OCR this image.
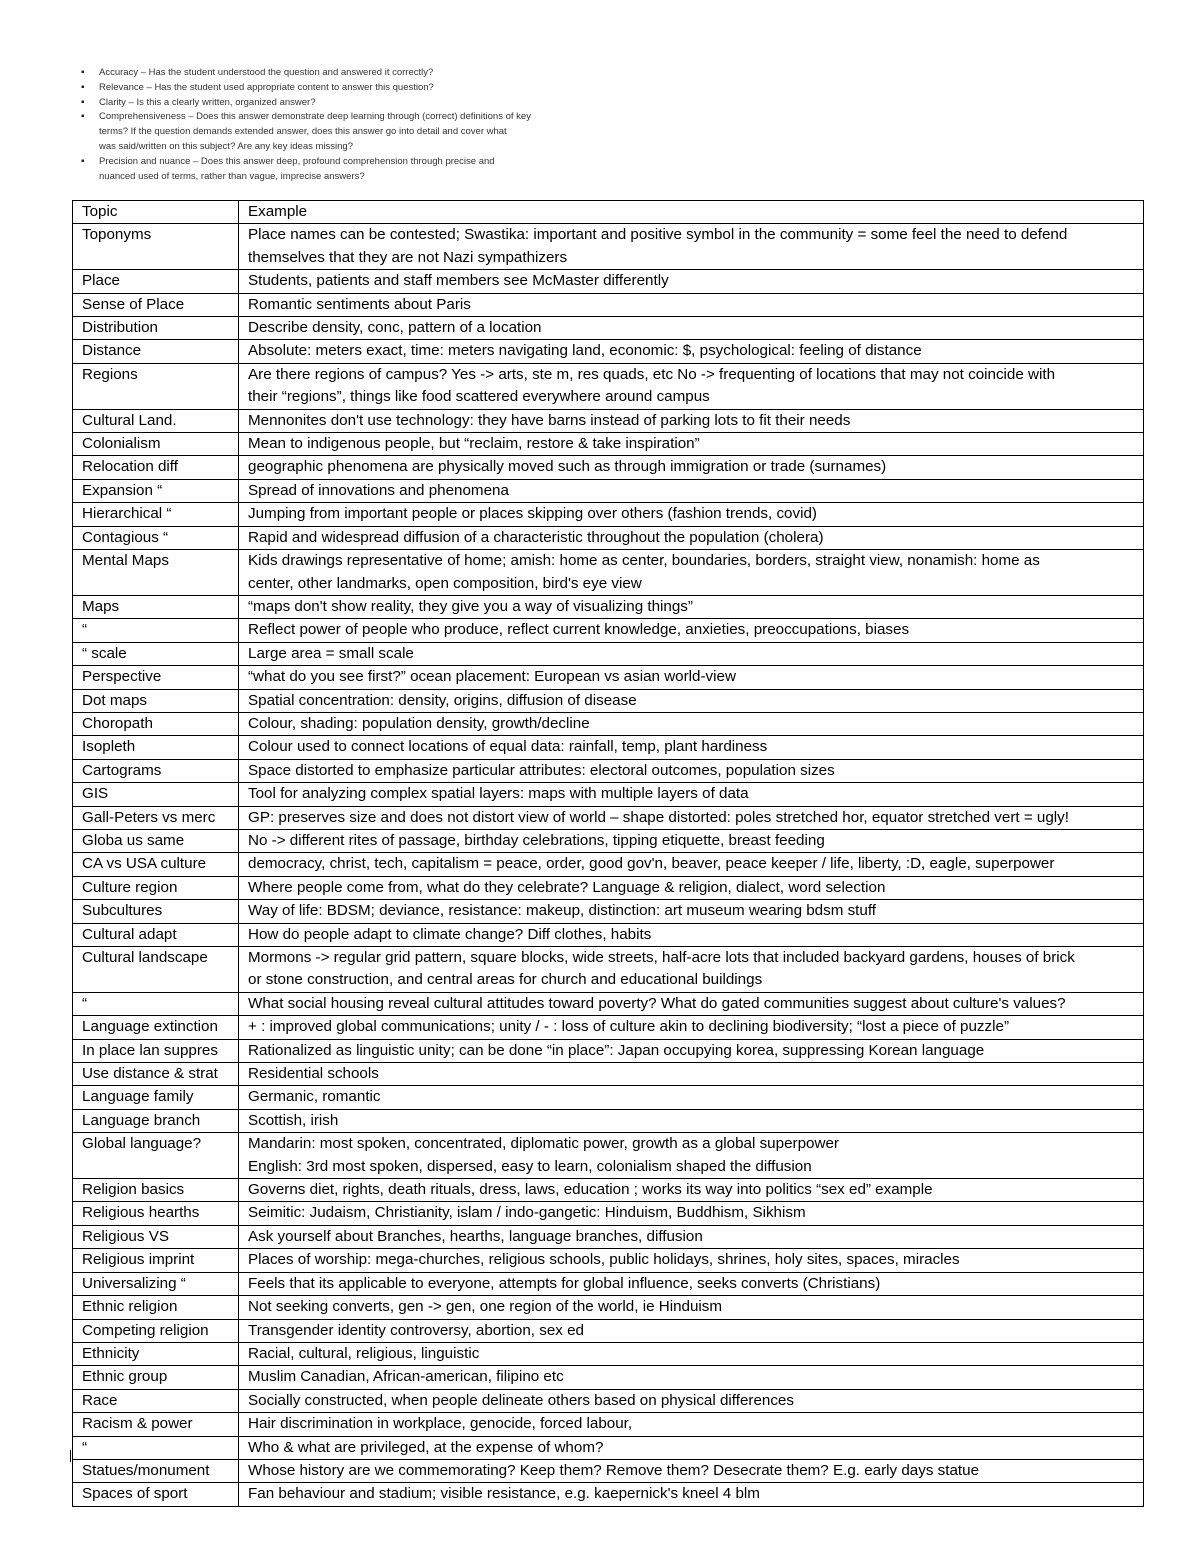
▪ Accuracy – Has the student understood the question and answered it correctly?
▪ Relevance – Has the student used appropriate content to answer this question?
▪ Clarity – Is this a clearly written, organized answer?
▪ Comprehensiveness – Does this answer demonstrate deep learning through (correct) definitions of key
terms? If the question demands extended answer, does this answer go into detail and cover what
was said/written on this subject? Are any key ideas missing?
▪ Precision and nuance – Does this answer deep, profound comprehension through precise and
nuanced used of terms, rather than vague, imprecise answers?
Topic	Example
Toponyms	Place names can be contested; Swastika: important and positive symbol in the community = some feel the need to defend
themselves that they are not Nazi sympathizers

Place	Students, patients and staff members see McMaster differently

Sense of Place	Romantic sentiments about Paris

Distribution	Describe density, conc, pattern of a location

Distance	Absolute: meters exact, time: meters navigating land, economic: $, psychological: feeling of distance

Regions	Are there regions of campus? Yes -> arts, ste m, res quads, etc No -> frequenting of locations that may not coincide with
their “regions”, things like food scattered everywhere around campus

Cultural Land.	Mennonites don't use technology: they have barns instead of parking lots to fit their needs

Colonialism	Mean to indigenous people, but “reclaim, restore & take inspiration”

Relocation diff	geographic phenomena are physically moved such as through immigration or trade (surnames)

Expansion “	Spread of innovations and phenomena

Hierarchical “	Jumping from important people or places skipping over others (fashion trends, covid)

Contagious “	Rapid and widespread diffusion of a characteristic throughout the population (cholera)

Mental Maps	Kids drawings representative of home; amish: home as center, boundaries, borders, straight view, nonamish: home as
center, other landmarks, open composition, bird's eye view

Maps	“maps don't show reality, they give you a way of visualizing things”

“	Reflect power of people who produce, reflect current knowledge, anxieties, preoccupations, biases

“ scale	Large area = small scale

Perspective	“what do you see first?” ocean placement: European vs asian world-view

Dot maps	Spatial concentration: density, origins, diffusion of disease

Choropath	Colour, shading: population density, growth/decline

Isopleth	Colour used to connect locations of equal data: rainfall, temp, plant hardiness

Cartograms	Space distorted to emphasize particular attributes: electoral outcomes, population sizes

GIS	Tool for analyzing complex spatial layers: maps with multiple layers of data

Gall-Peters vs merc	GP: preserves size and does not distort view of world – shape distorted: poles stretched hor, equator stretched vert = ugly!

Globa us same	No -> different rites of passage, birthday celebrations, tipping etiquette, breast feeding

CA vs USA culture	democracy, christ, tech, capitalism = peace, order, good gov'n, beaver, peace keeper / life, liberty, :D, eagle, superpower

Culture region	Where people come from, what do they celebrate? Language & religion, dialect, word selection

Subcultures	Way of life: BDSM; deviance, resistance: makeup, distinction: art museum wearing bdsm stuff

Cultural adapt	How do people adapt to climate change? Diff clothes, habits

Cultural landscape	Mormons -> regular grid pattern, square blocks, wide streets, half-acre lots that included backyard gardens, houses of brick
or stone construction, and central areas for church and educational buildings

“	What social housing reveal cultural attitudes toward poverty? What do gated communities suggest about culture's values?

Language extinction	+ : improved global communications; unity / - : loss of culture akin to declining biodiversity; “lost a piece of puzzle”

In place lan suppres	Rationalized as linguistic unity; can be done “in place”: Japan occupying korea, suppressing Korean language

Use distance & strat	Residential schools

Language family	Germanic, romantic

Language branch	Scottish, irish

Global language?	Mandarin: most spoken, concentrated, diplomatic power, growth as a global superpower
English: 3rd most spoken, dispersed, easy to learn, colonialism shaped the diffusion

Religion basics	Governs diet, rights, death rituals, dress, laws, education ; works its way into politics “sex ed” example

Religious hearths	Seimitic: Judaism, Christianity, islam / indo-gangetic: Hinduism, Buddhism, Sikhism

Religious VS	Ask yourself about Branches, hearths, language branches, diffusion

Religious imprint	Places of worship: mega-churches, religious schools, public holidays, shrines, holy sites, spaces, miracles

Universalizing “	Feels that its applicable to everyone, attempts for global influence, seeks converts (Christians)

Ethnic religion	Not seeking converts, gen -> gen, one region of the world, ie Hinduism

Competing religion	Transgender identity controversy, abortion, sex ed

Ethnicity	Racial, cultural, religious, linguistic

Ethnic group	Muslim Canadian, African-american, filipino etc

Race	Socially constructed, when people delineate others based on physical differences

Racism & power	Hair discrimination in workplace, genocide, forced labour,

“	Who & what are privileged, at the expense of whom?

Statues/monument	Whose history are we commemorating? Keep them? Remove them? Desecrate them? E.g. early days statue

Spaces of sport	Fan behaviour and stadium; visible resistance, e.g. kaepernick's kneel 4 blm
